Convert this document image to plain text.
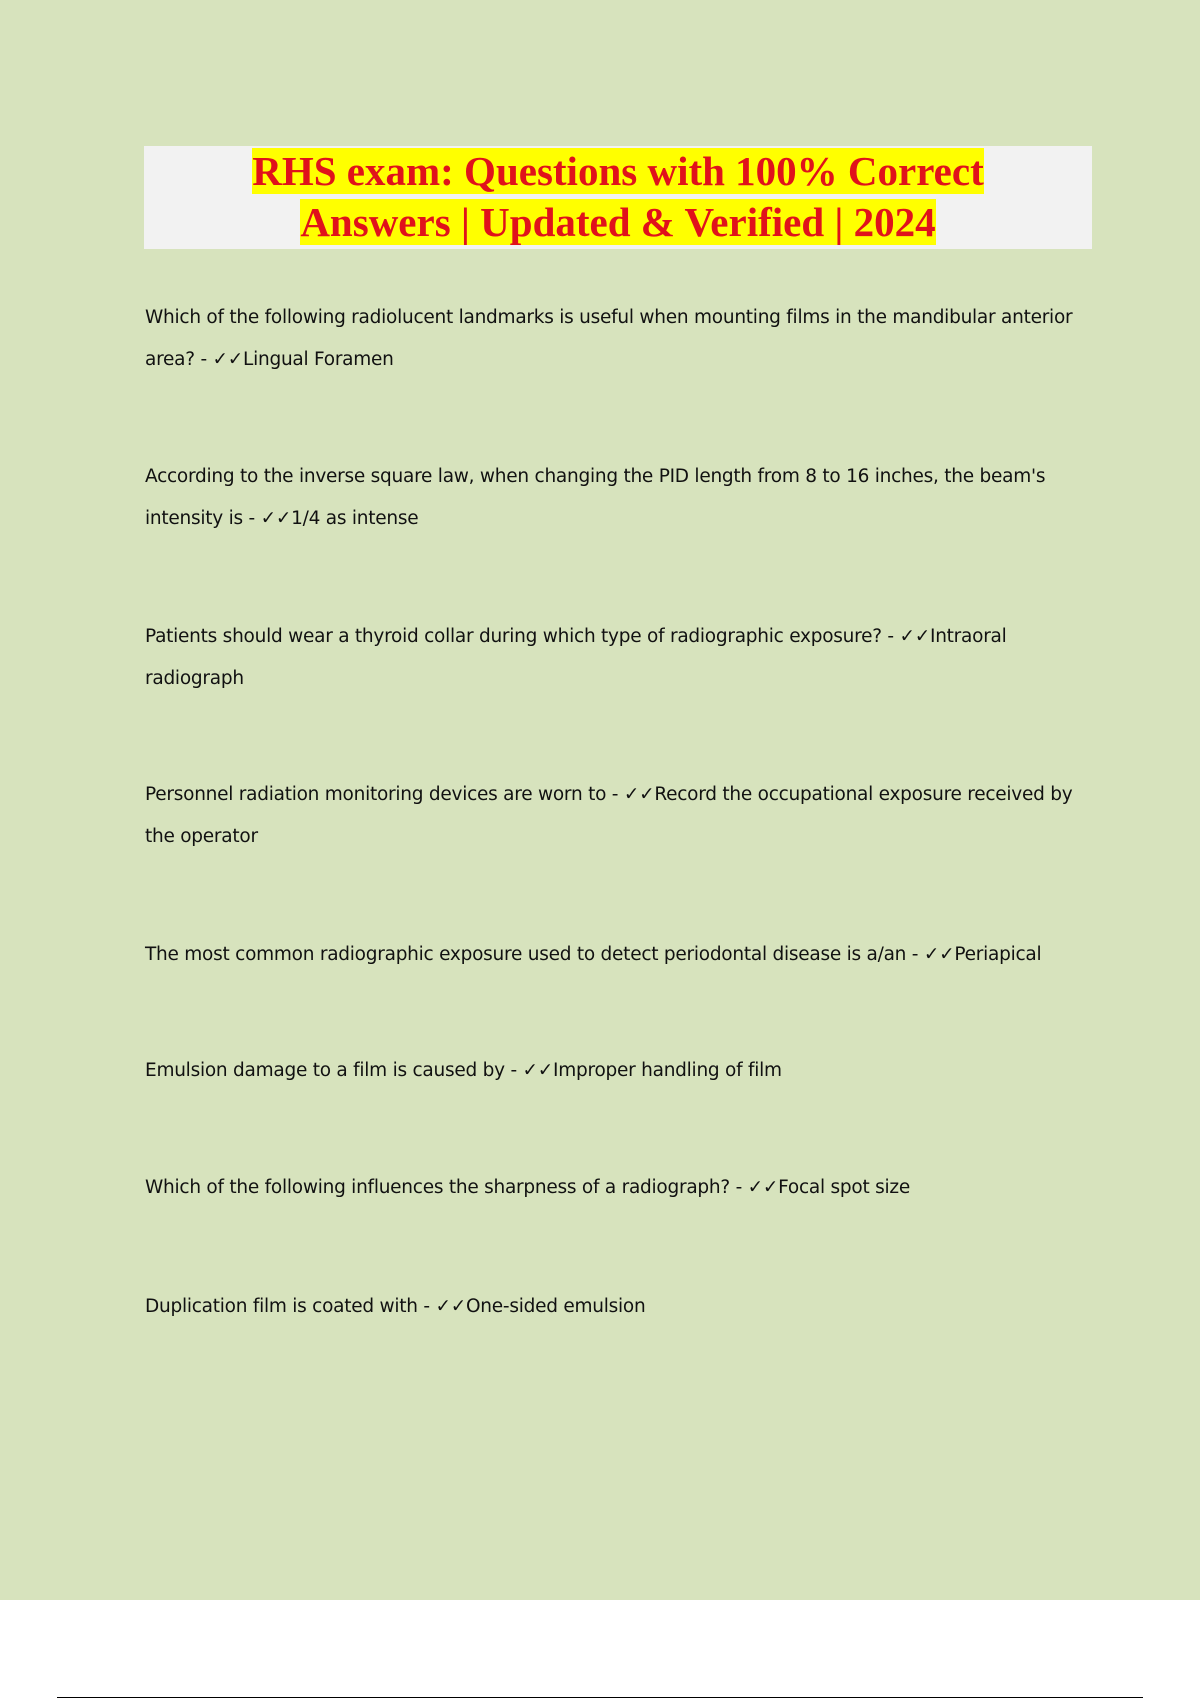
RHS exam: Questions with 100% Correct
Answers | Updated & Verified | 2024

Which of the following radiolucent landmarks is useful when mounting films in the mandibular anterior area? - ✓✓Lingual Foramen

According to the inverse square law, when changing the PID length from 8 to 16 inches, the beam's intensity is - ✓✓1/4 as intense

Patients should wear a thyroid collar during which type of radiographic exposure? - ✓✓Intraoral radiograph

Personnel radiation monitoring devices are worn to - ✓✓Record the occupational exposure received by the operator

The most common radiographic exposure used to detect periodontal disease is a/an - ✓✓Periapical

Emulsion damage to a film is caused by - ✓✓Improper handling of film

Which of the following influences the sharpness of a radiograph? - ✓✓Focal spot size

Duplication film is coated with - ✓✓One-sided emulsion
